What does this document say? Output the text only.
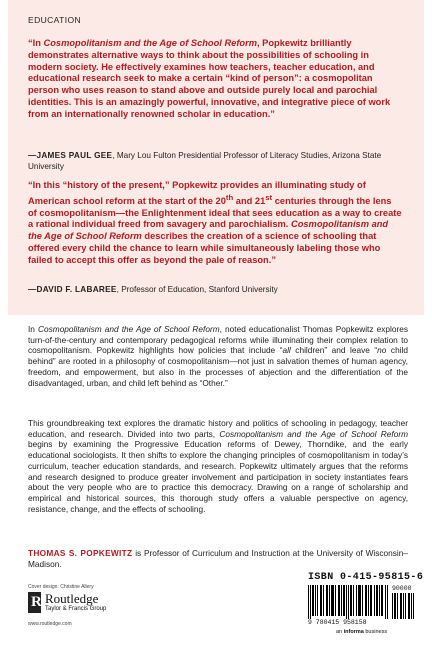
EDUCATION
“In Cosmopolitanism and the Age of School Reform, Popkewitz brilliantly demonstrates alternative ways to think about the possibilities of schooling in modern society. He effectively examines how teachers, teacher education, and educational research seek to make a certain “kind of person”: a cosmopolitan person who uses reason to stand above and outside purely local and parochial identities. This is an amazingly powerful, innovative, and integrative piece of work from an internationally renowned scholar in education.”
—JAMES PAUL GEE, Mary Lou Fulton Presidential Professor of Literacy Studies, Arizona State University
“In this “history of the present,” Popkewitz provides an illuminating study of American school reform at the start of the 20th and 21st centuries through the lens of cosmopolitanism—the Enlightenment ideal that sees education as a way to create a rational individual freed from savagery and parochialism. Cosmopolitanism and the Age of School Reform describes the creation of a science of schooling that offered every child the chance to learn while simultaneously labeling those who failed to accept this offer as beyond the pale of reason.”
—DAVID F. LABAREE, Professor of Education, Stanford University
In Cosmopolitanism and the Age of School Reform, noted educationalist Thomas Popkewitz explores turn-of-the-century and contemporary pedagogical reforms while illuminating their complex relation to cosmopolitanism. Popkewitz highlights how policies that include “all children” and leave “no child behind” are rooted in a philosophy of cosmopolitanism—not just in salvation themes of human agency, freedom, and empowerment, but also in the processes of abjection and the differentiation of the disadvantaged, urban, and child left behind as “Other.”
This groundbreaking text explores the dramatic history and politics of schooling in pedagogy, teacher education, and research. Divided into two parts, Cosmopolitanism and the Age of School Reform begins by examining the Progressive Education reforms of Dewey, Thorndike, and the early educational sociologists. It then shifts to explore the changing principles of cosmopolitanism in today’s curriculum, teacher education standards, and research. Popkewitz ultimately argues that the reforms and research designed to produce greater involvement and participation in society instantiates fears about the very people who are to practice this democracy. Drawing on a range of scholarship and empirical and historical sources, this thorough study offers a valuable perspective on agency, resistance, change, and the effects of schooling.
THOMAS S. POPKEWITZ is Professor of Curriculum and Instruction at the University of Wisconsin–Madison.
Cover design: Christine Allery
R Routledge
Taylor & Francis Group
www.routledge.com
ISBN 0-415-95815-6
90000
9 780415 958158
an informa business
